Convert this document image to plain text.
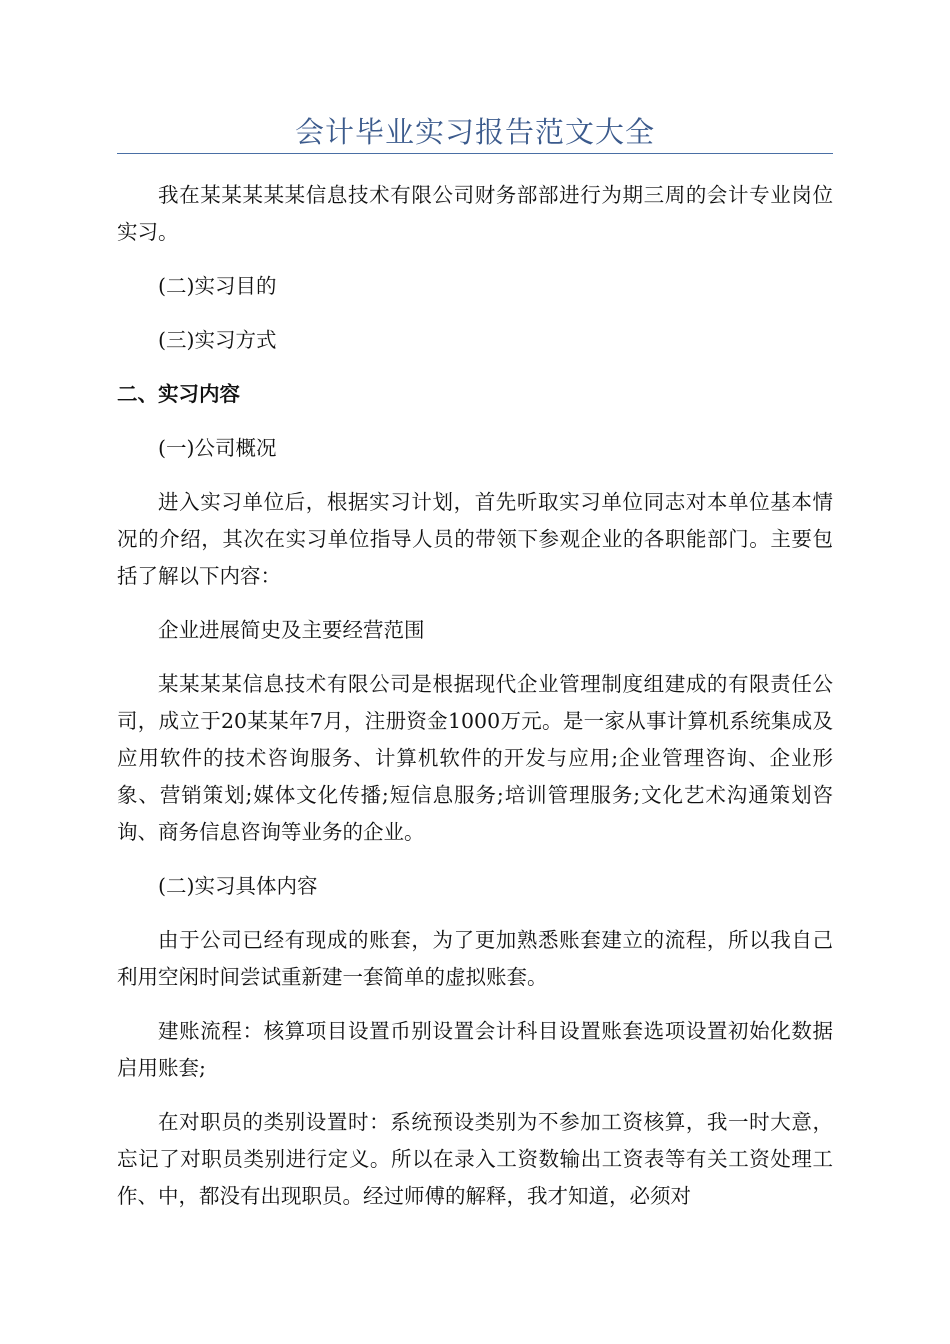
会计毕业实习报告范文大全

我在某某某某某信息技术有限公司财务部部进行为期三周的会计专业岗位实习。

(二)实习目的

(三)实习方式

二、实习内容

(一)公司概况

进入实习单位后，根据实习计划，首先听取实习单位同志对本单位基本情况的介绍，其次在实习单位指导人员的带领下参观企业的各职能部门。主要包括了解以下内容：

企业进展简史及主要经营范围

某某某某信息技术有限公司是根据现代企业管理制度组建成的有限责任公司，成立于20某某年7月，注册资金1000万元。是一家从事计算机系统集成及应用软件的技术咨询服务、计算机软件的开发与应用;企业管理咨询、企业形象、营销策划;媒体文化传播;短信息服务;培训管理服务;文化艺术沟通策划咨询、商务信息咨询等业务的企业。

(二)实习具体内容

由于公司已经有现成的账套，为了更加熟悉账套建立的流程，所以我自己利用空闲时间尝试重新建一套简单的虚拟账套。

建账流程：核算项目设置币别设置会计科目设置账套选项设置初始化数据启用账套;

在对职员的类别设置时：系统预设类别为不参加工资核算，我一时大意，忘记了对职员类别进行定义。所以在录入工资数输出工资表等有关工资处理工作、中，都没有出现职员。经过师傅的解释，我才知道，必须对
